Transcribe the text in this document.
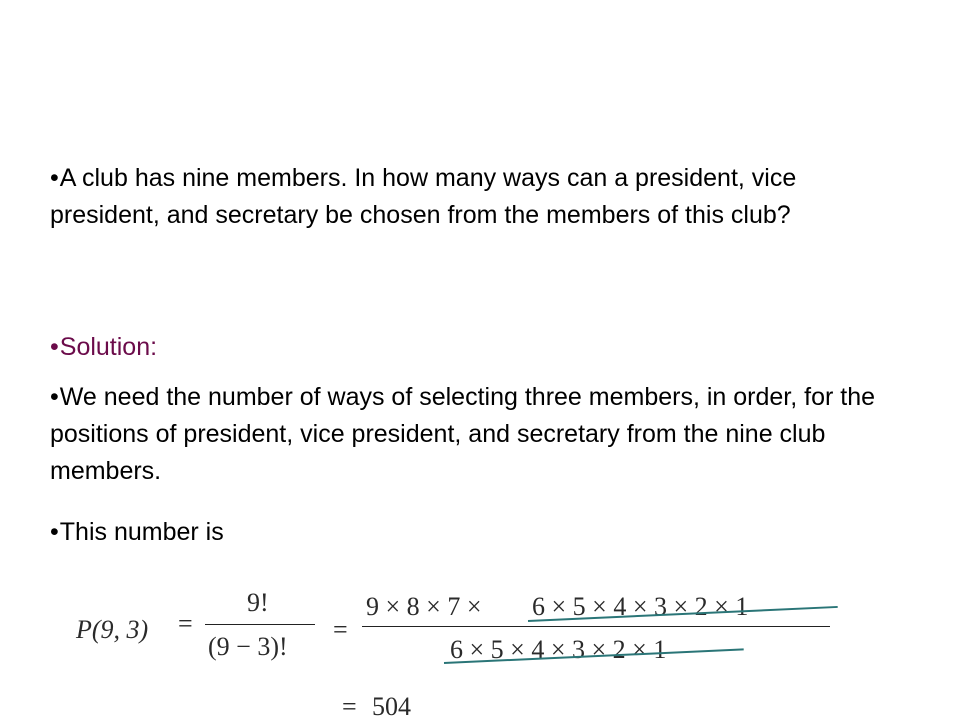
•A club has nine members. In how many ways can a president, vice president, and secretary be chosen from the members of this club?
•Solution:
•We need the number of ways of selecting three members, in order, for the positions of president, vice president, and secretary from the nine club members.
•This number is
P(9, 3) =
9!
(9 − 3)!
=
9 × 8 × 7 × 6 × 5 × 4 × 3 × 2 × 1
6 × 5 × 4 × 3 × 2 × 1
= 504
